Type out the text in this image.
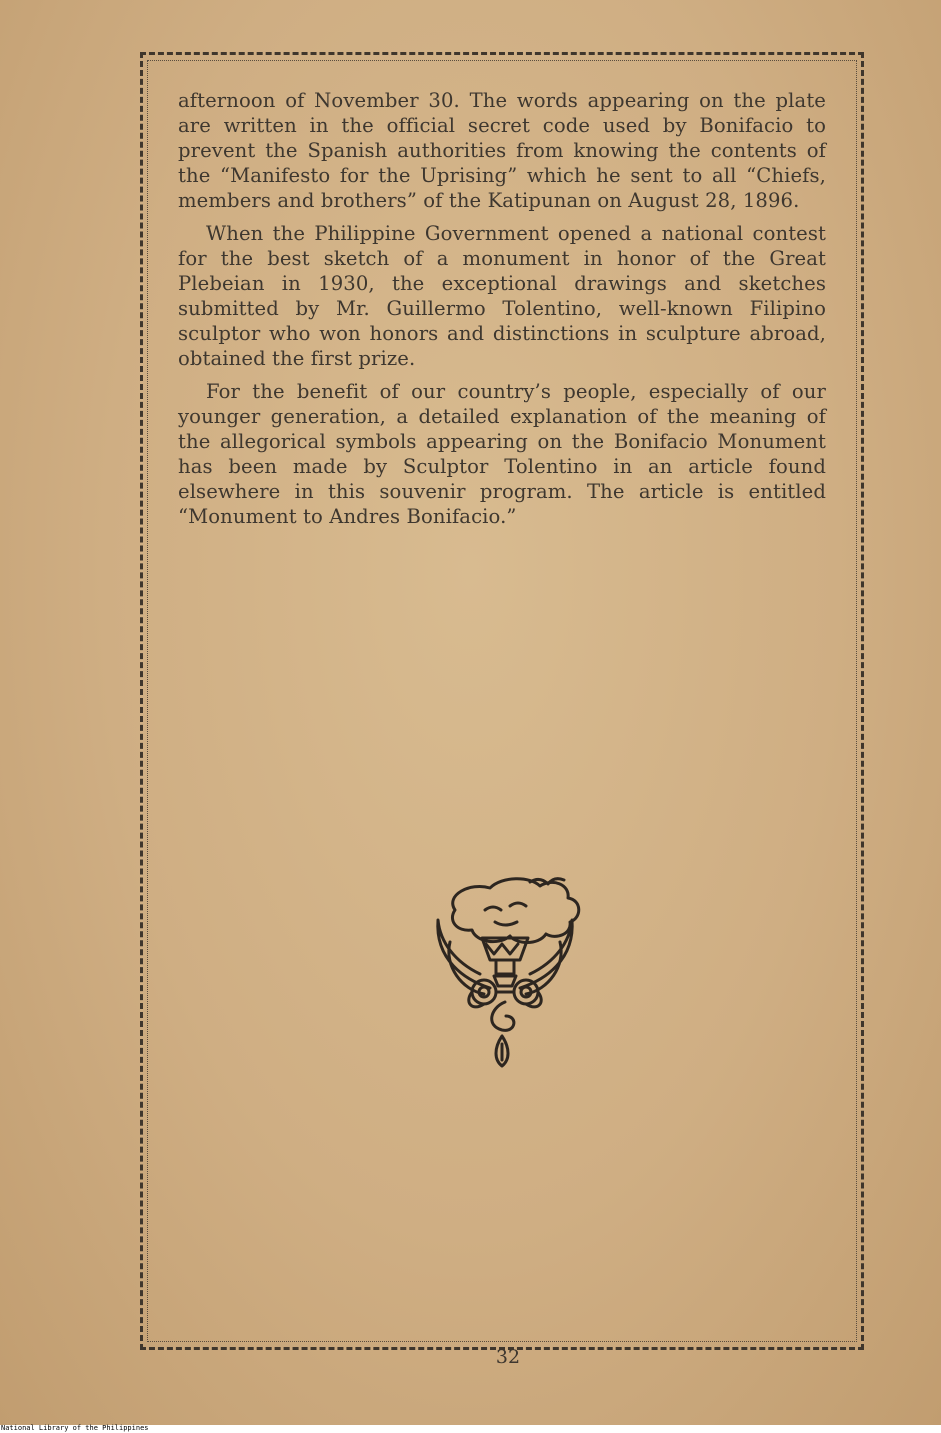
afternoon of November 30. The words appearing on the plate are written in the official secret code used by Bonifacio to prevent the Spanish authorities from knowing the contents of the “Manifesto for the Uprising” which he sent to all “Chiefs, members and brothers” of the Katipunan on August 28, 1896.

When the Philippine Government opened a national contest for the best sketch of a monument in honor of the Great Plebeian in 1930, the exceptional drawings and sketches submitted by Mr. Guillermo Tolentino, well-known Filipino sculptor who won honors and distinctions in sculpture abroad, obtained the first prize.

For the benefit of our country’s people, especially of our younger generation, a detailed explanation of the meaning of the allegorical symbols appearing on the Bonifacio Monument has been made by Sculptor Tolentino in an article found elsewhere in this souvenir program. The article is entitled “Monument to Andres Bonifacio.”

32
National Library of the Philippines
